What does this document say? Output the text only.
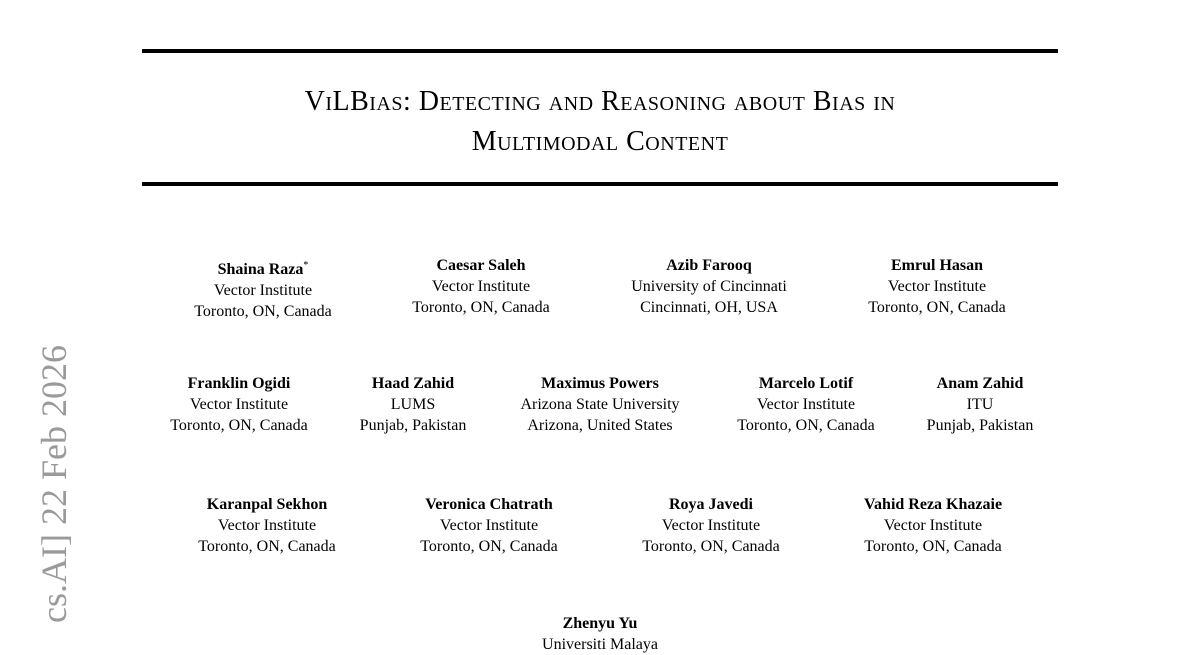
ViLBias: Detecting and Reasoning about Bias in
Multimodal Content
cs.AI] 22 Feb 2026
Shaina Raza*
Vector Institute
Toronto, ON, Canada
Caesar Saleh
Vector Institute
Toronto, ON, Canada
Azib Farooq
University of Cincinnati
Cincinnati, OH, USA
Emrul Hasan
Vector Institute
Toronto, ON, Canada
Franklin Ogidi
Vector Institute
Toronto, ON, Canada
Haad Zahid
LUMS
Punjab, Pakistan
Maximus Powers
Arizona State University
Arizona, United States
Marcelo Lotif
Vector Institute
Toronto, ON, Canada
Anam Zahid
ITU
Punjab, Pakistan
Karanpal Sekhon
Vector Institute
Toronto, ON, Canada
Veronica Chatrath
Vector Institute
Toronto, ON, Canada
Roya Javedi
Vector Institute
Toronto, ON, Canada
Vahid Reza Khazaie
Vector Institute
Toronto, ON, Canada
Zhenyu Yu
Universiti Malaya
